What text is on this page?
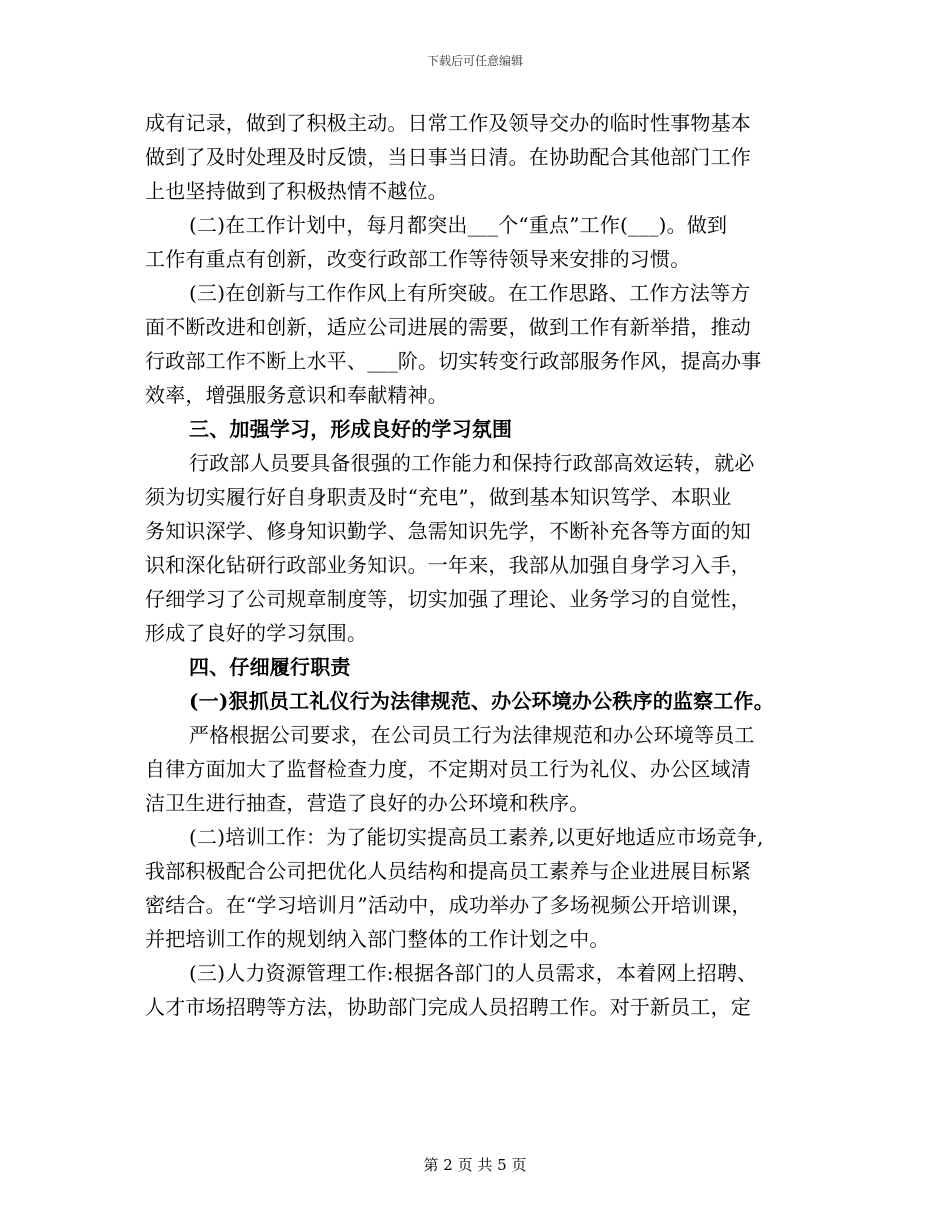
下载后可任意编辑
成有记录，做到了积极主动。日常工作及领导交办的临时性事物基本
做到了及时处理及时反馈，当日事当日清。在协助配合其他部门工作
上也坚持做到了积极热情不越位。
(二)在工作计划中，每月都突出___个“重点”工作(___)。做到
工作有重点有创新，改变行政部工作等待领导来安排的习惯。
(三)在创新与工作作风上有所突破。在工作思路、工作方法等方
面不断改进和创新，适应公司进展的需要，做到工作有新举措，推动
行政部工作不断上水平、___阶。切实转变行政部服务作风，提高办事
效率，增强服务意识和奉献精神。
三、加强学习，形成良好的学习氛围
行政部人员要具备很强的工作能力和保持行政部高效运转，就必
须为切实履行好自身职责及时“充电”，做到基本知识笃学、本职业
务知识深学、修身知识勤学、急需知识先学，不断补充各等方面的知
识和深化钻研行政部业务知识。一年来，我部从加强自身学习入手，
仔细学习了公司规章制度等，切实加强了理论、业务学习的自觉性，
形成了良好的学习氛围。
四、仔细履行职责
(一)狠抓员工礼仪行为法律规范、办公环境办公秩序的监察工作。
严格根据公司要求，在公司员工行为法律规范和办公环境等员工
自律方面加大了监督检查力度，不定期对员工行为礼仪、办公区域清
洁卫生进行抽查，营造了良好的办公环境和秩序。
(二)培训工作：为了能切实提高员工素养,以更好地适应市场竞争,
我部积极配合公司把优化人员结构和提高员工素养与企业进展目标紧
密结合。在“学习培训月”活动中，成功举办了多场视频公开培训课，
并把培训工作的规划纳入部门整体的工作计划之中。
(三)人力资源管理工作:根据各部门的人员需求，本着网上招聘、
人才市场招聘等方法，协助部门完成人员招聘工作。对于新员工，定
第 2 页 共 5 页
